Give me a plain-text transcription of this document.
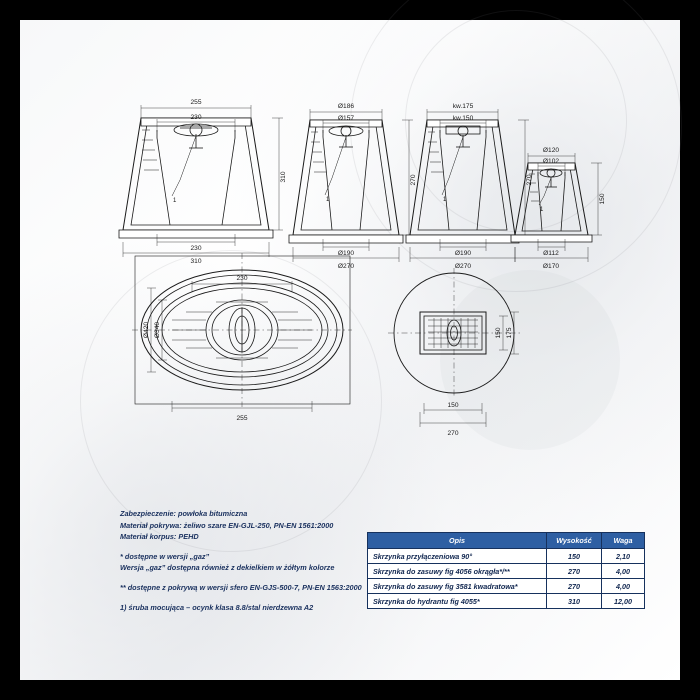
1
255
230
230
310
310
1
Ø186
Ø157
Ø190
Ø270
270
1
kw.175
kw.150
Ø190
Ø270
270
1
Ø120
Ø102
Ø112
Ø170
150
230
255
Ø420 Ø340
150
270
150 175
Zabezpieczenie: powłoka bitumiczna
Materiał pokrywa: żeliwo szare EN-GJL-250, PN-EN 1561:2000
Materiał korpus: PEHD
* dostępne w wersji „gaz”
Wersja „gaz” dostępna również z dekielkiem w żółtym kolorze
** dostępne z pokrywą w wersji sfero EN-GJS-500-7, PN-EN 1563:2000
1) śruba mocująca – ocynk klasa 8.8/stal nierdzewna A2
Opis	Wysokość	Waga
Skrzynka przyłączeniowa 90°	150	2,10
Skrzynka do zasuwy fig 4056 okrągła*/**	270	4,00
Skrzynka do zasuwy fig 3581 kwadratowa*	270	4,00
Skrzynka do hydrantu fig 4055*	310	12,00
